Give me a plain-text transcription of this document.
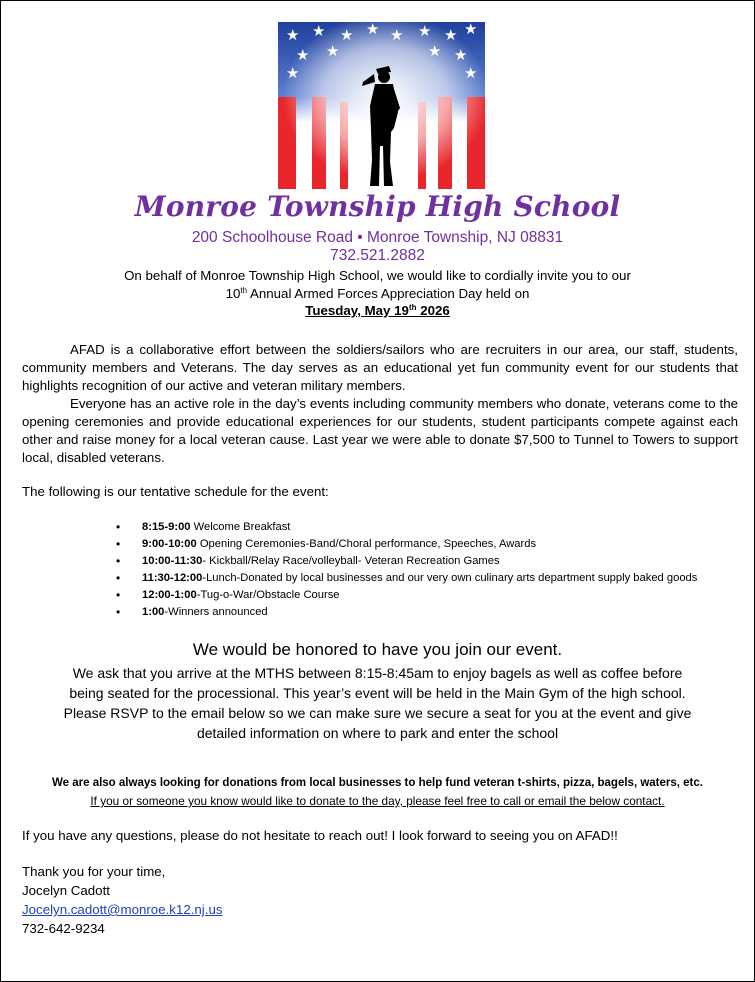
★ ★ ★ ★ ★ ★ ★ ★
★ ★	★ ★
★	★
Monroe Township High School
200 Schoolhouse Road • Monroe Township, NJ 08831
732.521.2882
On behalf of Monroe Township High School, we would like to cordially invite you to our
10th Annual Armed Forces Appreciation Day held on
Tuesday, May 19th 2026
AFAD is a collaborative effort between the soldiers/sailors who are recruiters in our area, our staff, students, community members and Veterans. The day serves as an educational yet fun community event for our students that highlights recognition of our active and veteran military members.
Everyone has an active role in the day’s events including community members who donate, veterans come to the opening ceremonies and provide educational experiences for our students, student participants compete against each other and raise money for a local veteran cause. Last year we were able to donate $7,500 to Tunnel to Towers to support local, disabled veterans.
The following is our tentative schedule for the event:
• 8:15-9:00 Welcome Breakfast
• 9:00-10:00 Opening Ceremonies-Band/Choral performance, Speeches, Awards
• 10:00-11:30- Kickball/Relay Race/volleyball- Veteran Recreation Games
• 11:30-12:00-Lunch-Donated by local businesses and our very own culinary arts department supply baked goods
• 12:00-1:00-Tug-o-War/Obstacle Course
• 1:00-Winners announced
We would be honored to have you join our event.
We ask that you arrive at the MTHS between 8:15-8:45am to enjoy bagels as well as coffee before
being seated for the processional. This year’s event will be held in the Main Gym of the high school.
Please RSVP to the email below so we can make sure we secure a seat for you at the event and give
detailed information on where to park and enter the school
We are also always looking for donations from local businesses to help fund veteran t-shirts, pizza, bagels, waters, etc.
If you or someone you know would like to donate to the day, please feel free to call or email the below contact.
If you have any questions, please do not hesitate to reach out! I look forward to seeing you on AFAD!!
Thank you for your time,
Jocelyn Cadott
Jocelyn.cadott@monroe.k12.nj.us
732-642-9234
